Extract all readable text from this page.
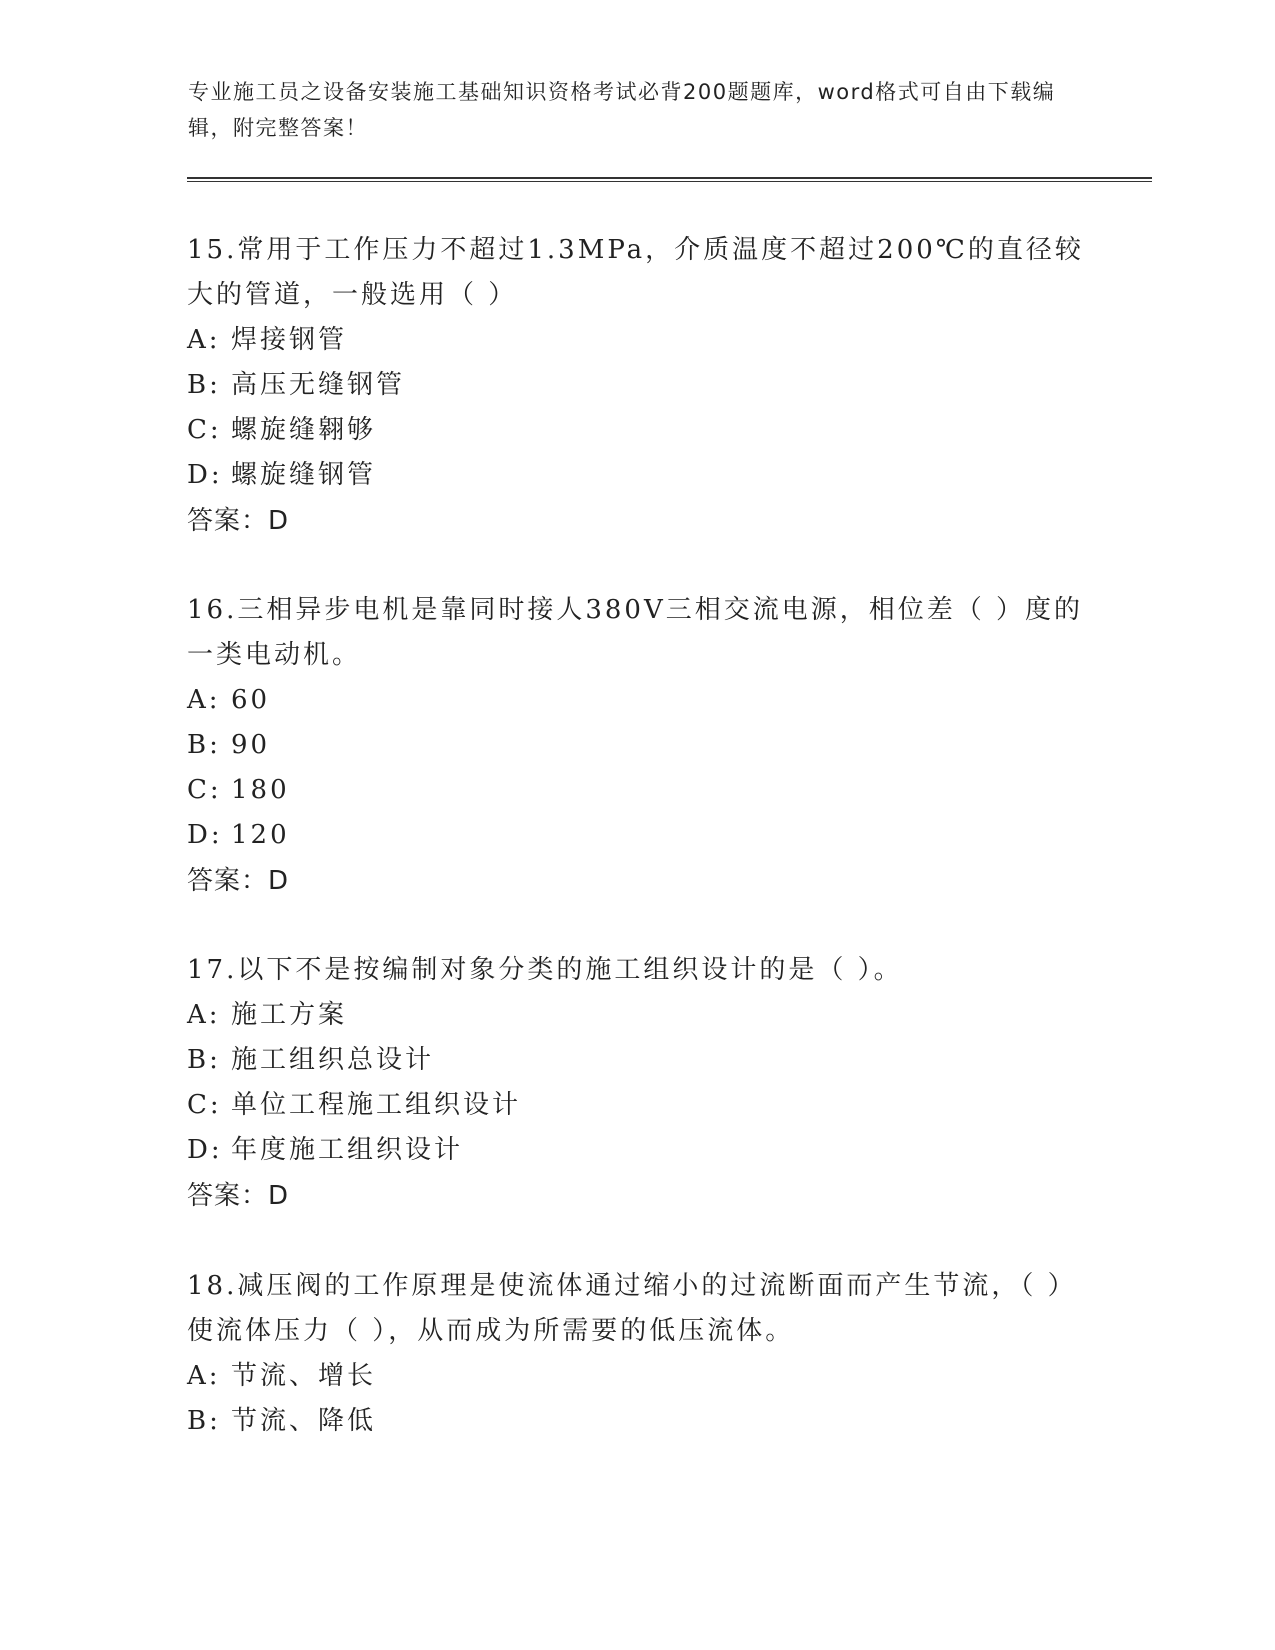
专业施工员之设备安装施工基础知识资格考试必背200题题库，word格式可自由下载编辑，附完整答案！

15.常用于工作压力不超过1.3MPa，介质温度不超过200℃的直径较大的管道，一般选用（ ）

A: 焊接钢管

B: 高压无缝钢管

C: 螺旋缝翱够

D: 螺旋缝钢管

答案：D

16.三相异步电机是靠同时接人380V三相交流电源，相位差（ ）度的一类电动机。

A: 60

B: 90

C: 180

D: 120

答案：D

17.以下不是按编制对象分类的施工组织设计的是（ ）。

A: 施工方案

B: 施工组织总设计

C: 单位工程施工组织设计

D: 年度施工组织设计

答案：D

18.减压阀的工作原理是使流体通过缩小的过流断面而产生节流，（ ）使流体压力（ ），从而成为所需要的低压流体。

A: 节流、增长

B: 节流、降低
